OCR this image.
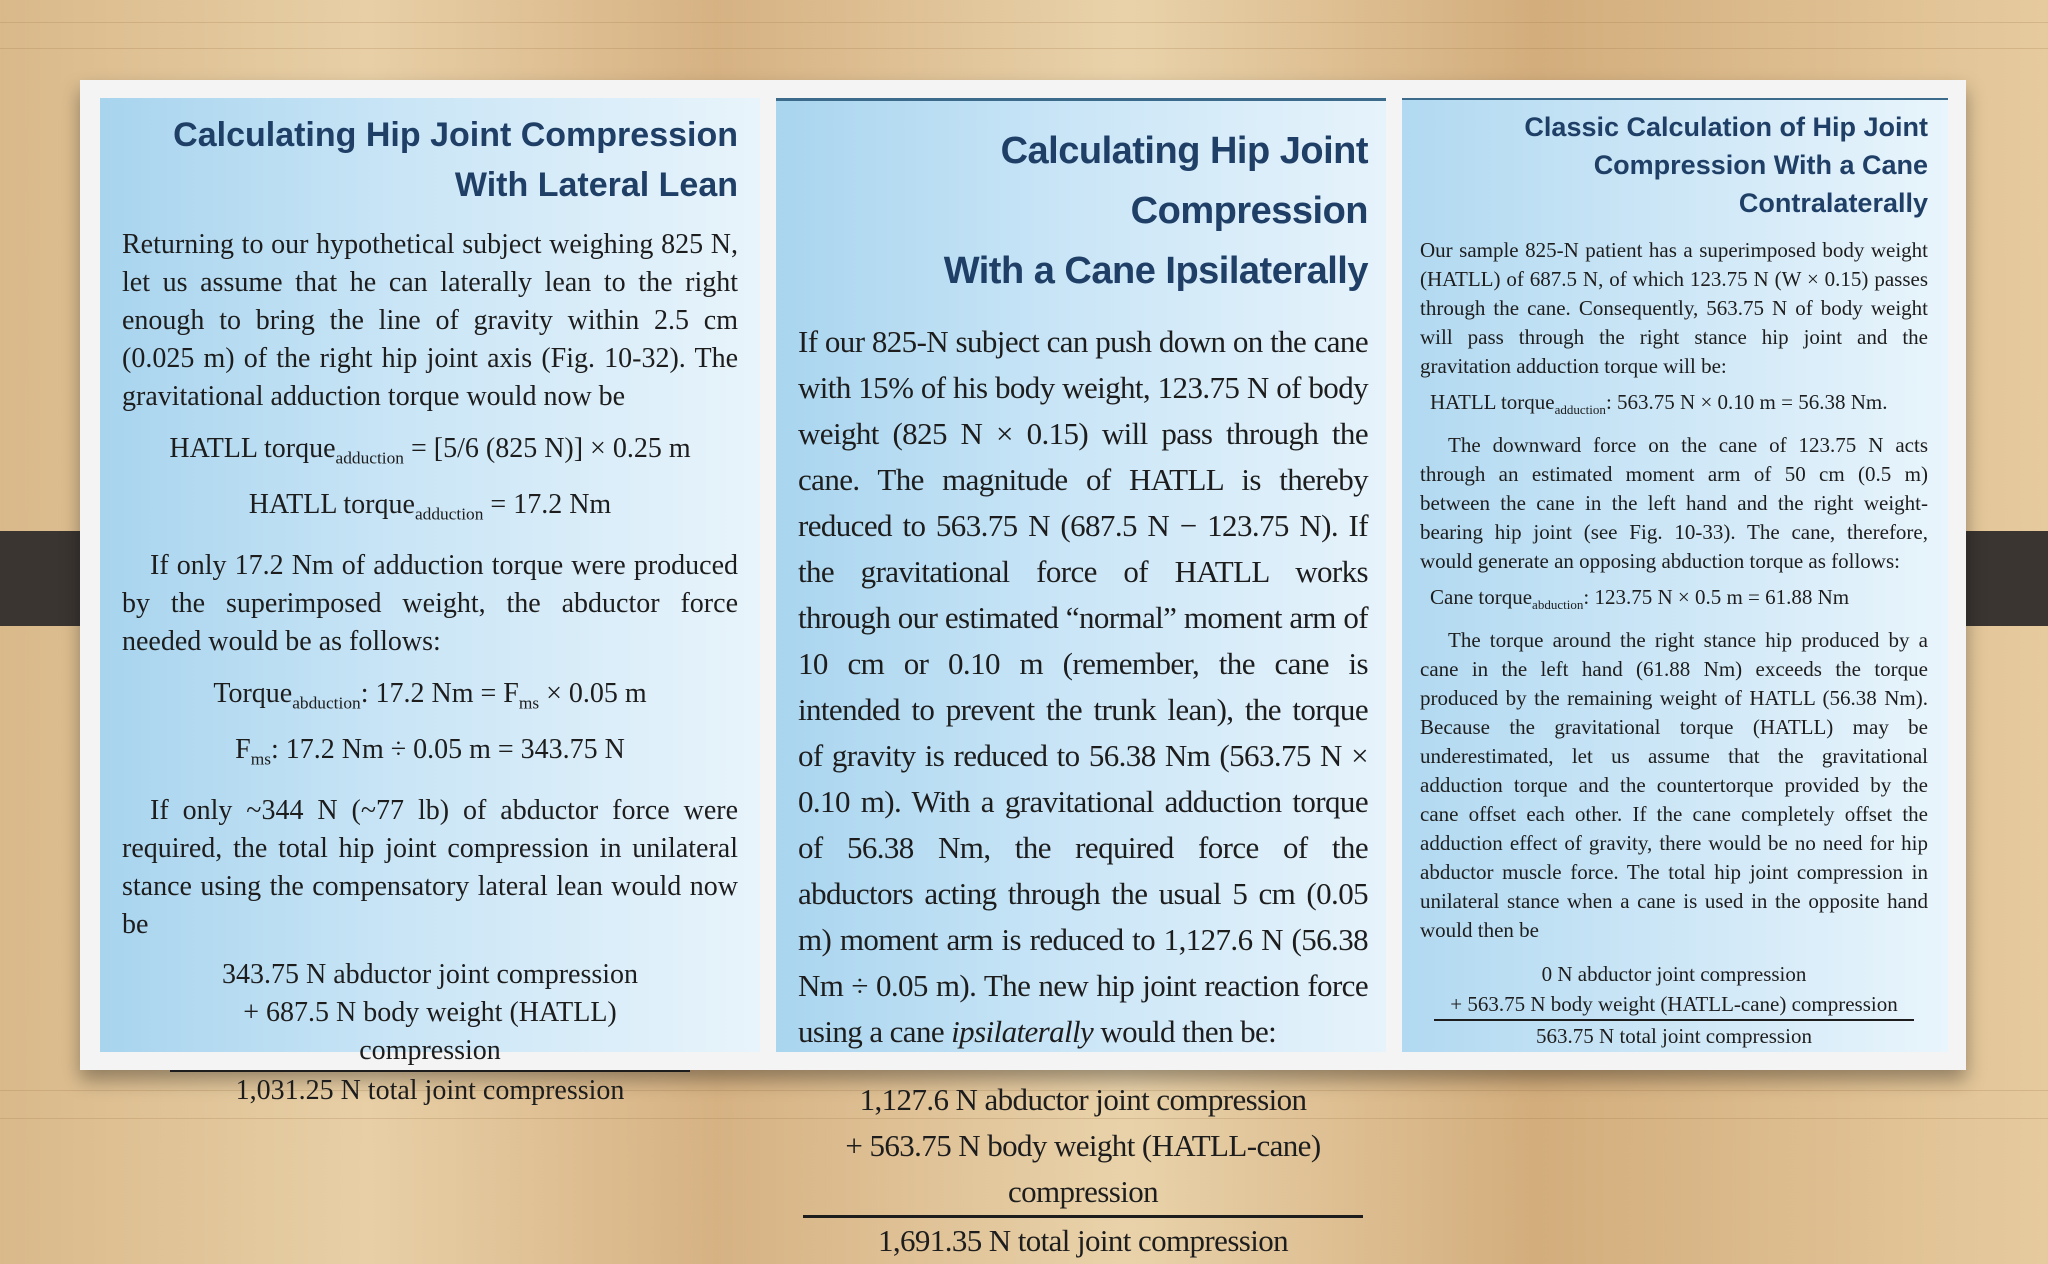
Calculating Hip Joint Compression
With Lateral Lean

Returning to our hypothetical subject weighing 825 N, let us assume that he can laterally lean to the right enough to bring the line of gravity within 2.5 cm (0.025 m) of the right hip joint axis (Fig. 10-32). The gravitational adduction torque would now be

HATLL torque$_{adduction}$ = [5/6 (825 N)] × 0.25 m
HATLL torque$_{adduction}$ = 17.2 Nm

If only 17.2 Nm of adduction torque were produced by the superimposed weight, the abductor force needed would be as follows:

Torque$_{abduction}$: 17.2 $Nm = F_{ms} \times 0.05$ m
$F_{ms}$: 17.2 Nm ÷ 0.05 m = 343.75 N

If only ~344 N (~77 lb) of abductor force were required, the total hip joint compression in unilateral stance using the compensatory lateral lean would now be

343.75 N abductor joint compression
+ 687.5 N body weight (HATLL) compression
1,031.25 N total joint compression
Calculating Hip Joint Compression
With a Cane Ipsilaterally

If our 825-N subject can push down on the cane with 15% of his body weight, 123.75 N of body weight (825 N × 0.15) will pass through the cane. The magnitude of HATLL is thereby reduced to 563.75 N (687.5 N − 123.75 N). If the gravitational force of HATLL works through our estimated “normal” moment arm of 10 cm or 0.10 m (remember, the cane is intended to prevent the trunk lean), the torque of gravity is reduced to 56.38 Nm (563.75 N × 0.10 m). With a gravitational adduction torque of 56.38 Nm, the required force of the abductors acting through the usual 5 cm (0.05 m) moment arm is reduced to 1,127.6 N (56.38 Nm ÷ 0.05 m). The new hip joint reaction force using a cane ipsilaterally would then be:

1,127.6 N abductor joint compression
+ 563.75 N body weight (HATLL-cane) compression
1,691.35 N total joint compression
Classic Calculation of Hip Joint
Compression With a Cane
Contralaterally

Our sample 825-N patient has a superimposed body weight (HATLL) of 687.5 N, of which 123.75 N (W × 0.15) passes through the cane. Consequently, 563.75 N of body weight will pass through the right stance hip joint and the gravitation adduction torque will be:

HATLL torque$_{adduction}$: 563.75 N × 0.10 m = 56.38 Nm.

The downward force on the cane of 123.75 N acts through an estimated moment arm of 50 cm (0.5 m) between the cane in the left hand and the right weight-bearing hip joint (see Fig. 10-33). The cane, therefore, would generate an opposing abduction torque as follows:

Cane torque$_{abduction}$: 123.75 N × 0.5 m = 61.88 Nm

The torque around the right stance hip produced by a cane in the left hand (61.88 Nm) exceeds the torque produced by the remaining weight of HATLL (56.38 Nm). Because the gravitational torque (HATLL) may be underestimated, let us assume that the gravitational adduction torque and the countertorque provided by the cane offset each other. If the cane completely offset the adduction effect of gravity, there would be no need for hip abductor muscle force. The total hip joint compression in unilateral stance when a cane is used in the opposite hand would then be

0 N abductor joint compression
+ 563.75 N body weight (HATLL-cane) compression
563.75 N total joint compression
